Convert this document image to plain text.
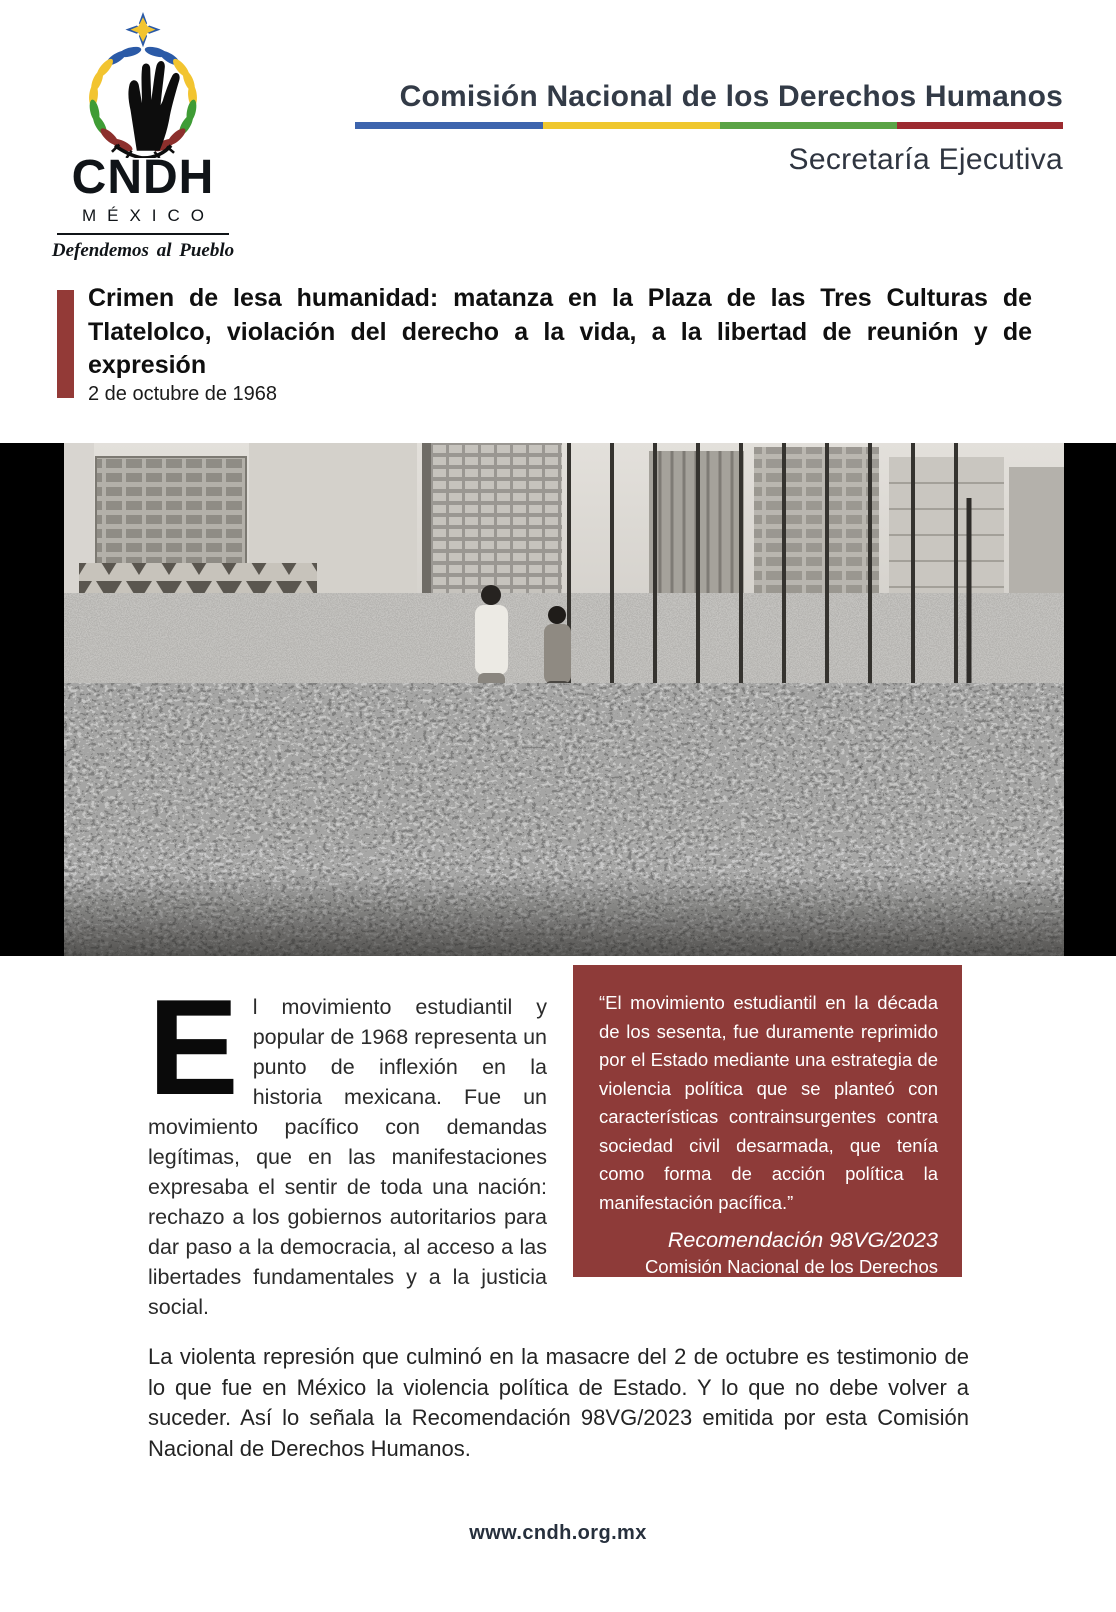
CNDH
MÉXICO
Defendemos al Pueblo
Comisión Nacional de los Derechos Humanos
Secretaría Ejecutiva
Crimen de lesa humanidad: matanza en la Plaza de las Tres Culturas de Tlatelolco, violación del derecho a la vida, a la libertad de reunión y de expresión
2 de octubre de 1968

El movimiento estudiantil y popular de 1968 representa un punto de inflexión en la historia mexicana. Fue un movimiento pacífico con demandas legítimas, que en las manifestaciones expresaba el sentir de toda una nación: rechazo a los gobiernos autoritarios para dar paso a la democracia, al acceso a las libertades fundamentales y a la justicia social.

“El movimiento estudiantil en la década de los sesenta, fue duramente reprimido por el Estado mediante una estrategia de violencia política que se planteó con características contrainsurgentes contra sociedad civil desarmada, que tenía como forma de acción política la manifestación pacífica.”
Recomendación 98VG/2023
Comisión Nacional de los Derechos Humanos (CNDH)

La violenta represión que culminó en la masacre del 2 de octubre es testimonio de lo que fue en México la violencia política de Estado. Y lo que no debe volver a suceder. Así lo señala la Recomendación 98VG/2023 emitida por esta Comisión Nacional de Derechos Humanos.

www.cndh.org.mx
